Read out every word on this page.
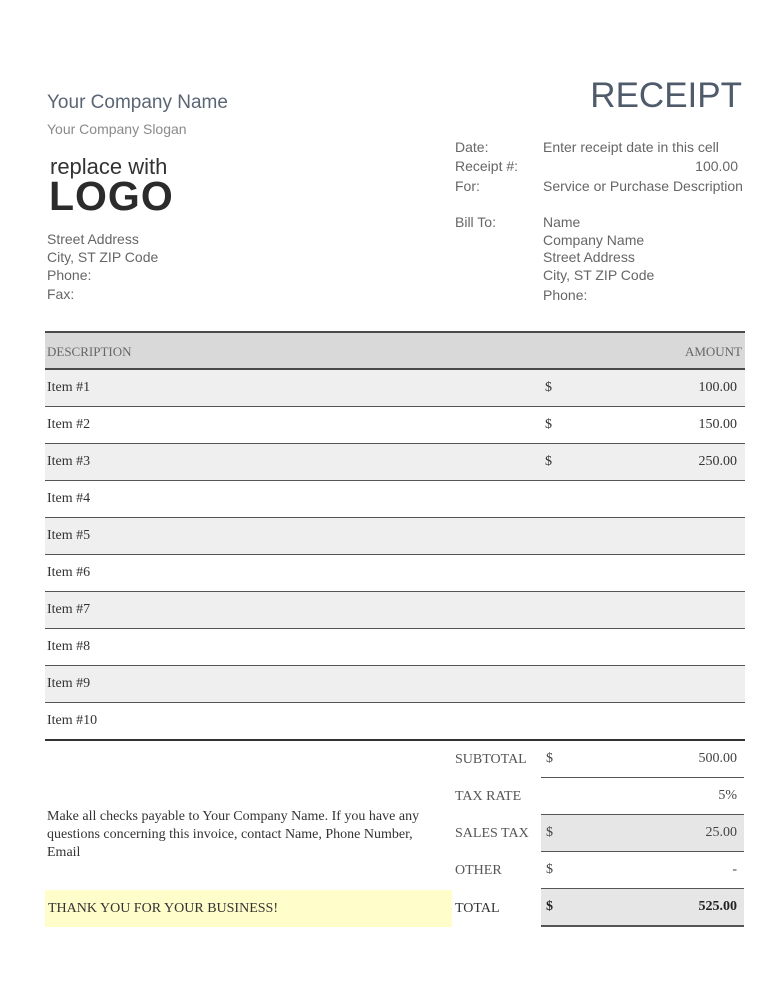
Your Company Name
Your Company Slogan
replace with
LOGO
Street Address
City, ST ZIP Code
Phone:
Fax:
RECEIPT
Date:	Enter receipt date in this cell
Receipt #:	100.00
For:	Service or Purchase Description
Bill To:	Name
Company Name
Street Address
City, ST ZIP Code
Phone:
DESCRIPTION	AMOUNT
Item #1	$	100.00
Item #2	$	150.00
Item #3	$	250.00
Item #4
Item #5
Item #6
Item #7
Item #8
Item #9
Item #10
SUBTOTAL $	500.00
TAX RATE	5%
SALES TAX $	25.00
OTHER	$	-
TOTAL	$	525.00
Make all checks payable to Your Company Name. If you have any questions concerning this invoice, contact Name, Phone Number, Email
THANK YOU FOR YOUR BUSINESS!
